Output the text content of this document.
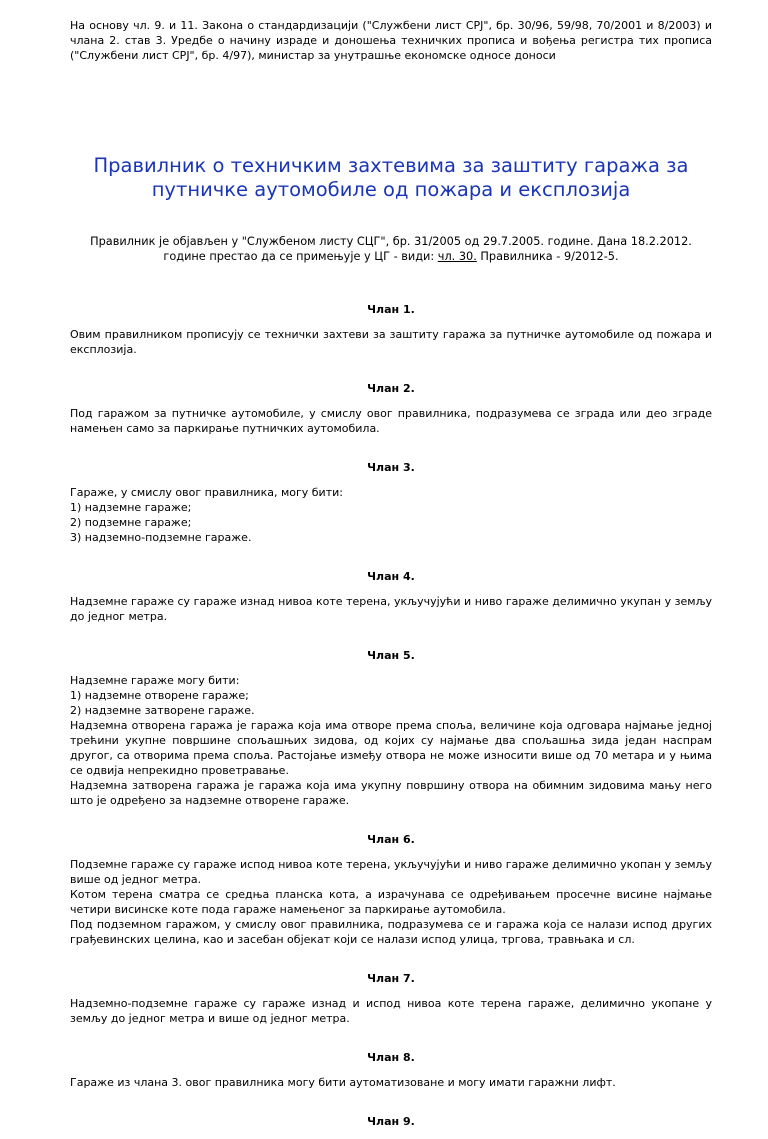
На основу чл. 9. и 11. Закона о стандардизацији ("Службени лист СРЈ", бр. 30/96, 59/98, 70/2001 и 8/2003) и члана 2. став 3. Уредбе о начину израде и доношења техничких прописа и вођења регистра тих прописа ("Службени лист СРЈ", бр. 4/97), министар за унутрашње економске односе доноси

Правилник о техничким захтевима за заштиту гаража за путничке аутомобиле од пожара и експлозија

Правилник је објављен у "Службеном листу СЦГ", бр. 31/2005 од 29.7.2005. године. Дана 18.2.2012. године престао да се примењује у ЦГ - види: чл. 30. Правилника - 9/2012-5.

Члан 1.

Овим правилником прописују се технички захтеви за заштиту гаража за путничке аутомобиле од пожара и експлозија.

Члан 2.

Под гаражом за путничке аутомобиле, у смислу овог правилника, подразумева се зграда или део зграде намењен само за паркирање путничких аутомобила.

Члан 3.

Гараже, у смислу овог правилника, могу бити:

1) надземне гараже;

2) подземне гараже;

3) надземно-подземне гараже.

Члан 4.

Надземне гараже су гараже изнад нивоа коте терена, укључујући и ниво гараже делимично укупан у земљу до једног метра.

Члан 5.

Надземне гараже могу бити:

1) надземне отворене гараже;

2) надземне затворене гараже.

Надземна отворена гаража је гаража која има отворе према споља, величине која одговара најмање једној трећини укупне површине спољашњих зидова, од којих су најмање два спољашња зида један наспрам другог, са отворима према споља. Растојање између отвора не може износити више од 70 метара и у њима се одвија непрекидно проветравање.

Надземна затворена гаража је гаража која има укупну површину отвора на обимним зидовима мању него што је одређено за надземне отворене гараже.

Члан 6.

Подземне гараже су гараже испод нивоа коте терена, укључујући и ниво гараже делимично укопан у земљу више од једног метра.

Котом терена сматра се средња планска кота, а израчунава се одређивањем просечне висине најмање четири висинске коте пода гараже намењеног за паркирање аутомобила.

Под подземном гаражом, у смислу овог правилника, подразумева се и гаража која се налази испод других грађевинских целина, као и засебан објекат који се налази испод улица, тргова, травњака и сл.

Члан 7.

Надземно-подземне гараже су гараже изнад и испод нивоа коте терена гараже, делимично укопане у земљу до једног метра и више од једног метра.

Члан 8.

Гараже из члана 3. овог правилника могу бити аутоматизоване и могу имати гаражни лифт.

Члан 9.
